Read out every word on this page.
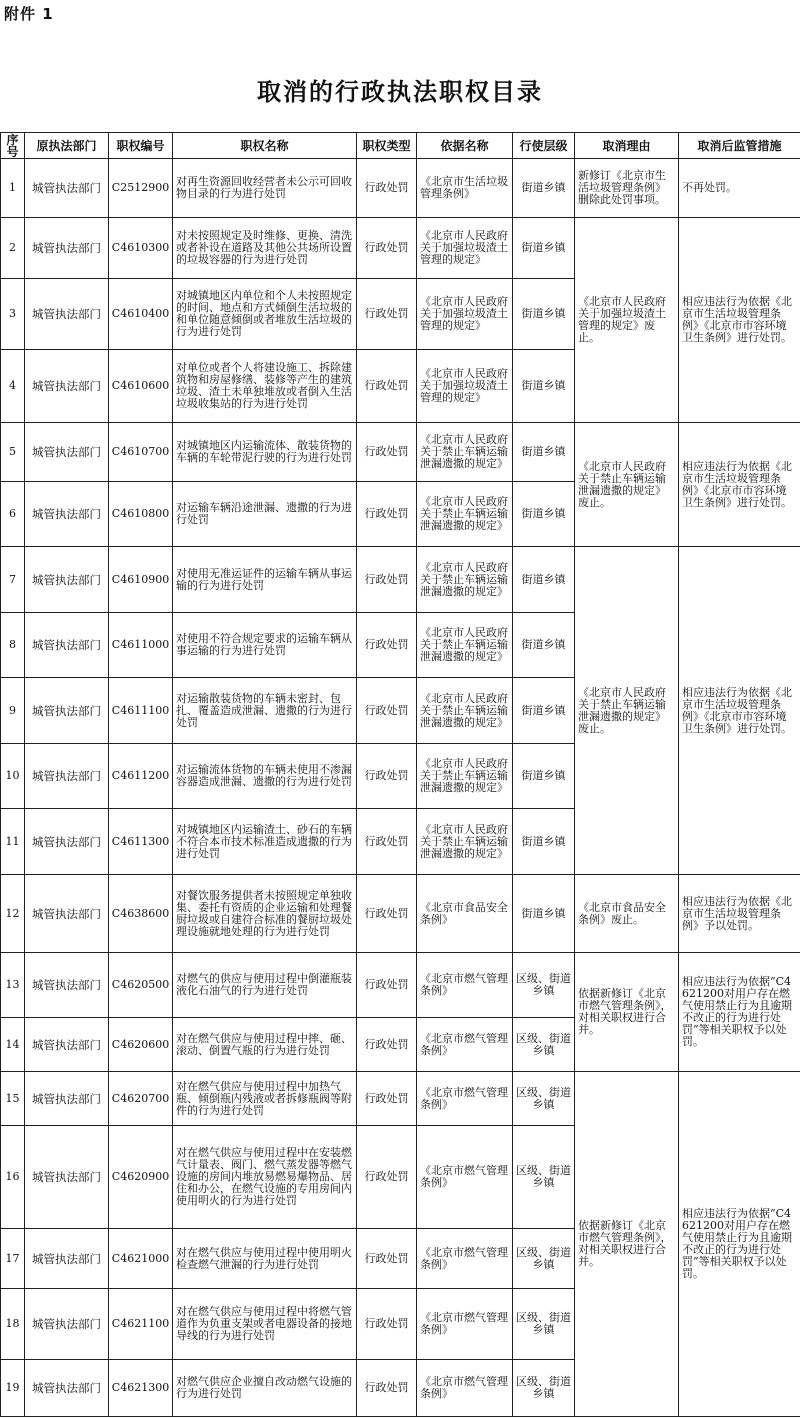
附件 1
取消的行政执法职权目录
序号	原执法部门	职权编号	职权名称	职权类型	依据名称	行使层级	取消理由	取消后监管措施
1	城管执法部门	C2512900	对再生资源回收经营者未公示可回收物目录的行为进行处罚	行政处罚	《北京市生活垃圾管理条例》	街道乡镇	新修订《北京市生活垃圾管理条例》删除此处罚事项。	不再处罚。
2	城管执法部门	C4610300	对未按照规定及时维修、更换、清洗或者补设在道路及其他公共场所设置的垃圾容器的行为进行处罚	行政处罚	《北京市人民政府关于加强垃圾渣土管理的规定》	街道乡镇	《北京市人民政府关于加强垃圾渣土管理的规定》废止。	相应违法行为依据《北京市生活垃圾管理条例》《北京市市容环境卫生条例》进行处罚。
3	城管执法部门	C4610400	对城镇地区内单位和个人未按照规定的时间、地点和方式倾倒生活垃圾的和单位随意倾倒或者堆放生活垃圾的行为进行处罚	行政处罚	《北京市人民政府关于加强垃圾渣土管理的规定》	街道乡镇		
4	城管执法部门	C4610600	对单位或者个人将建设施工、拆除建筑物和房屋修缮、装修等产生的建筑垃圾、渣土未单独堆放或者倒入生活垃圾收集站的行为进行处罚	行政处罚	《北京市人民政府关于加强垃圾渣土管理的规定》	街道乡镇		
5	城管执法部门	C4610700	对城镇地区内运输流体、散装货物的车辆的车轮带泥行驶的行为进行处罚	行政处罚	《北京市人民政府关于禁止车辆运输泄漏遗撒的规定》	街道乡镇	《北京市人民政府关于禁止车辆运输泄漏遗撒的规定》废止。	相应违法行为依据《北京市生活垃圾管理条例》《北京市市容环境卫生条例》进行处罚。
6	城管执法部门	C4610800	对运输车辆沿途泄漏、遗撒的行为进行处罚	行政处罚	《北京市人民政府关于禁止车辆运输泄漏遗撒的规定》	街道乡镇		
7	城管执法部门	C4610900	对使用无准运证件的运输车辆从事运输的行为进行处罚	行政处罚	《北京市人民政府关于禁止车辆运输泄漏遗撒的规定》	街道乡镇	《北京市人民政府关于禁止车辆运输泄漏遗撒的规定》废止。	相应违法行为依据《北京市生活垃圾管理条例》《北京市市容环境卫生条例》进行处罚。
8	城管执法部门	C4611000	对使用不符合规定要求的运输车辆从事运输的行为进行处罚	行政处罚	《北京市人民政府关于禁止车辆运输泄漏遗撒的规定》	街道乡镇		
9	城管执法部门	C4611100	对运输散装货物的车辆未密封、包扎、覆盖造成泄漏、遗撒的行为进行处罚	行政处罚	《北京市人民政府关于禁止车辆运输泄漏遗撒的规定》	街道乡镇		
10	城管执法部门	C4611200	对运输流体货物的车辆未使用不渗漏容器造成泄漏、遗撒的行为进行处罚	行政处罚	《北京市人民政府关于禁止车辆运输泄漏遗撒的规定》	街道乡镇		
11	城管执法部门	C4611300	对城镇地区内运输渣土、砂石的车辆不符合本市技术标准造成遗撒的行为进行处罚	行政处罚	《北京市人民政府关于禁止车辆运输泄漏遗撒的规定》	街道乡镇		
12	城管执法部门	C4638600	对餐饮服务提供者未按照规定单独收集、委托有资质的企业运输和处理餐厨垃圾或自建符合标准的餐厨垃圾处理设施就地处理的行为进行处罚	行政处罚	《北京市食品安全条例》	街道乡镇	《北京市食品安全条例》废止。	相应违法行为依据《北京市生活垃圾管理条例》予以处罚。
13	城管执法部门	C4620500	对燃气的供应与使用过程中倒灌瓶装液化石油气的行为进行处罚	行政处罚	《北京市燃气管理条例》	区级、街道乡镇	依据新修订《北京市燃气管理条例》，对相关职权进行合并。	相应违法行为依据“C4621200对用户存在燃气使用禁止行为且逾期不改正的行为进行处罚”等相关职权予以处罚。
14	城管执法部门	C4620600	对在燃气供应与使用过程中摔、砸、滚动、倒置气瓶的行为进行处罚	行政处罚	《北京市燃气管理条例》	区级、街道乡镇		
15	城管执法部门	C4620700	对在燃气供应与使用过程中加热气瓶、倾倒瓶内残液或者拆修瓶阀等附件的行为进行处罚	行政处罚	《北京市燃气管理条例》	区级、街道乡镇	依据新修订《北京市燃气管理条例》，对相关职权进行合并。	相应违法行为依据“C4621200对用户存在燃气使用禁止行为且逾期不改正的行为进行处罚”等相关职权予以处罚。
16	城管执法部门	C4620900	对在燃气供应与使用过程中在安装燃气计量表、阀门、燃气蒸发器等燃气设施的房间内堆放易燃易爆物品、居住和办公，在燃气设施的专用房间内使用明火的行为进行处罚	行政处罚	《北京市燃气管理条例》	区级、街道乡镇		
17	城管执法部门	C4621000	对在燃气供应与使用过程中使用明火检查燃气泄漏的行为进行处罚	行政处罚	《北京市燃气管理条例》	区级、街道乡镇		
18	城管执法部门	C4621100	对在燃气供应与使用过程中将燃气管道作为负重支架或者电器设备的接地导线的行为进行处罚	行政处罚	《北京市燃气管理条例》	区级、街道乡镇		
19	城管执法部门	C4621300	对燃气供应企业擅自改动燃气设施的行为进行处罚	行政处罚	《北京市燃气管理条例》	区级、街道乡镇		
